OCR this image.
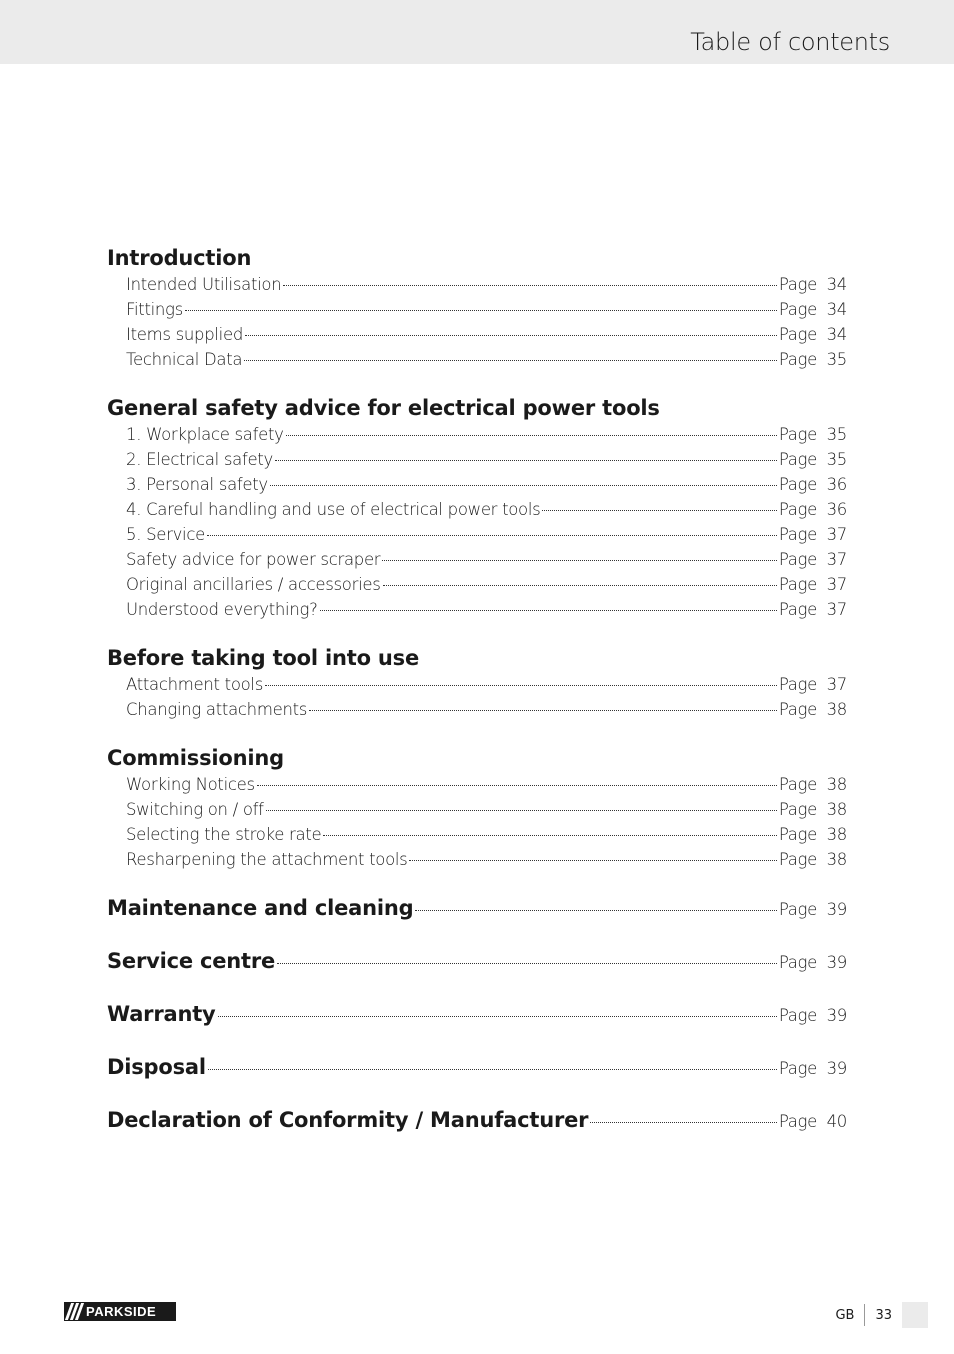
Table of contents
Introduction
Intended Utilisation	Page 34
Fittings	Page 34
Items supplied	Page 34
Technical Data	Page 35
General safety advice for electrical power tools
1. Workplace safety	Page 35
2. Electrical safety	Page 35
3. Personal safety	Page 36
4. Careful handling and use of electrical power tools	Page 36
5. Service	Page 37
Safety advice for power scraper	Page 37
Original ancillaries / accessories	Page 37
Understood everything?	Page 37
Before taking tool into use
Attachment tools	Page 37
Changing attachments	Page 38
Commissioning
Working Notices	Page 38
Switching on / off	Page 38
Selecting the stroke rate	Page 38
Resharpening the attachment tools	Page 38
Maintenance and cleaning	Page 39
Service centre	Page 39
Warranty	Page 39
Disposal	Page 39
Declaration of Conformity / Manufacturer	Page 40
PARKSIDE	GB 33
